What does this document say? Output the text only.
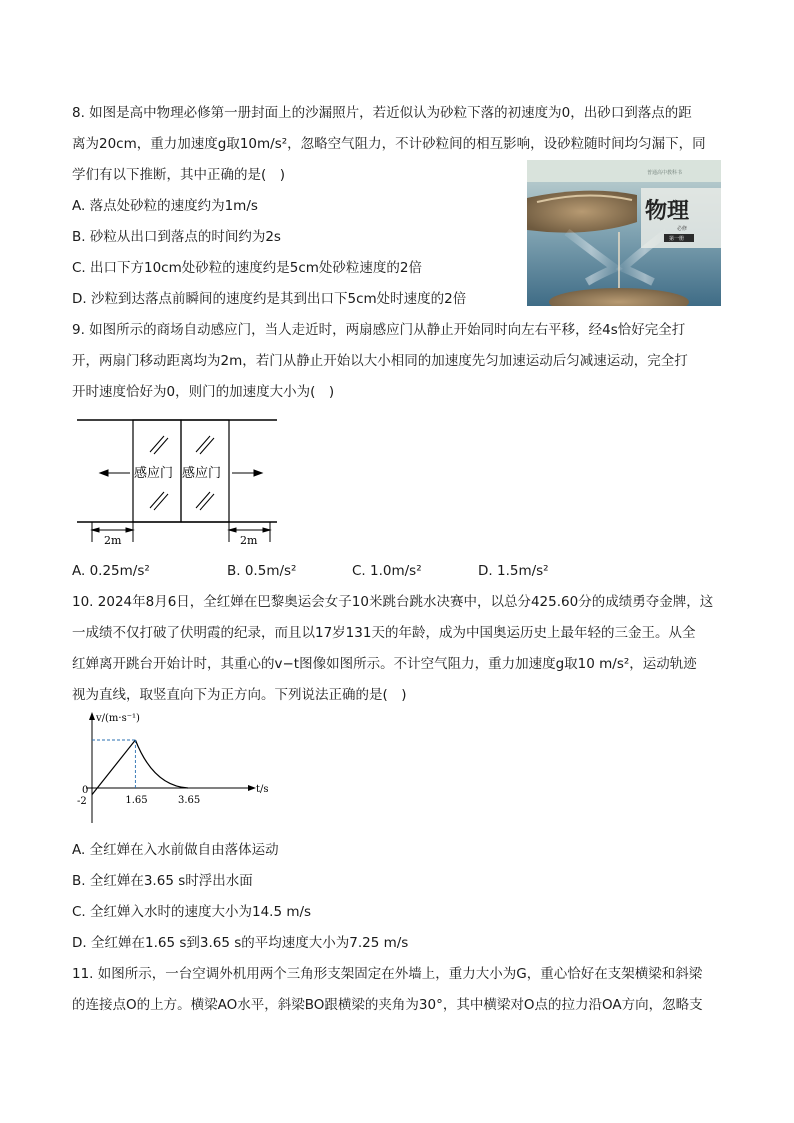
8. 如图是高中物理必修第一册封面上的沙漏照片，若近似认为砂粒下落的初速度为0，出砂口到落点的距
离为20cm，重力加速度g取10m/s²，忽略空气阻力，不计砂粒间的相互影响，设砂粒随时间均匀漏下，同
学们有以下推断，其中正确的是(　)
A. 落点处砂粒的速度约为1m/s
B. 砂粒从出口到落点的时间约为2s
C. 出口下方10cm处砂粒的速度约是5cm处砂粒速度的2倍
D. 沙粒到达落点前瞬间的速度约是其到出口下5cm处时速度的2倍
普通高中教科书
物理
必修
第一册
9. 如图所示的商场自动感应门，当人走近时，两扇感应门从静止开始同时向左右平移，经4s恰好完全打
开，两扇门移动距离均为2m，若门从静止开始以大小相同的加速度先匀加速运动后匀减速运动，完全打
开时速度恰好为0，则门的加速度大小为(　)
感应门 感应门
2m	2m
A. 0.25m/s²	B. 0.5m/s²	C. 1.0m/s²	D. 1.5m/s²
10. 2024年8月6日，全红婵在巴黎奥运会女子10米跳台跳水决赛中，以总分425.60分的成绩勇夺金牌，这
一成绩不仅打破了伏明霞的纪录，而且以17岁131天的年龄，成为中国奥运历史上最年轻的三金王。从全
红婵离开跳台开始计时，其重心的v−t图像如图所示。不计空气阻力，重力加速度g取10 m/s²，运动轨迹
视为直线，取竖直向下为正方向。下列说法正确的是(　)
v/(m·s⁻¹)
t/s
0
-2	1.65	3.65
A. 全红婵在入水前做自由落体运动
B. 全红婵在3.65 s时浮出水面
C. 全红婵入水时的速度大小为14.5 m/s
D. 全红婵在1.65 s到3.65 s的平均速度大小为7.25 m/s
11. 如图所示，一台空调外机用两个三角形支架固定在外墙上，重力大小为G，重心恰好在支架横梁和斜梁
的连接点O的上方。横梁AO水平，斜梁BO跟横梁的夹角为30°，其中横梁对O点的拉力沿OA方向，忽略支
